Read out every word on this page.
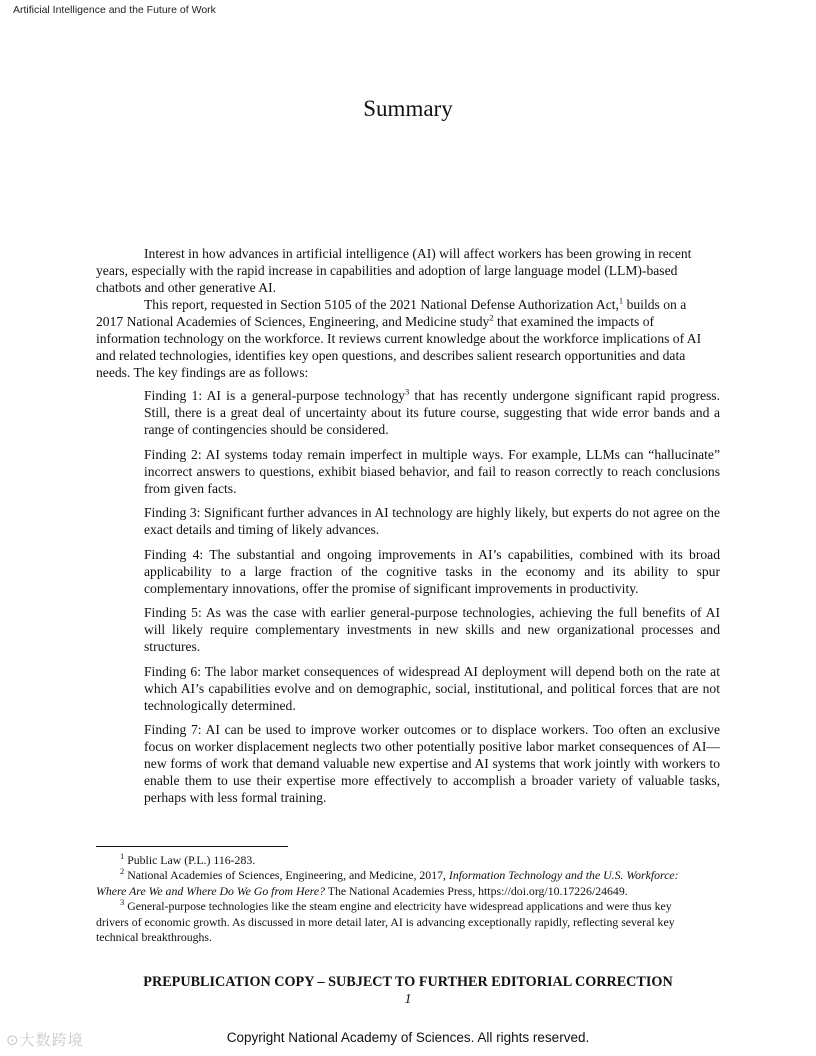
Artificial Intelligence and the Future of Work
Summary

Interest in how advances in artificial intelligence (AI) will affect workers has been growing in recent years, especially with the rapid increase in capabilities and adoption of large language model (LLM)-based chatbots and other generative AI.

This report, requested in Section 5105 of the 2021 National Defense Authorization Act,$^1$ builds on a 2017 National Academies of Sciences, Engineering, and Medicine study$^2$ that examined the impacts of information technology on the workforce. It reviews current knowledge about the workforce implications of AI and related technologies, identifies key open questions, and describes salient research opportunities and data needs. The key findings are as follows:

Finding 1: AI is a general-purpose technology$^3$ that has recently undergone significant rapid progress. Still, there is a great deal of uncertainty about its future course, suggesting that wide error bands and a range of contingencies should be considered.

Finding 2: AI systems today remain imperfect in multiple ways. For example, LLMs can “hallucinate” incorrect answers to questions, exhibit biased behavior, and fail to reason correctly to reach conclusions from given facts.

Finding 3: Significant further advances in AI technology are highly likely, but experts do not agree on the exact details and timing of likely advances.

Finding 4: The substantial and ongoing improvements in AI’s capabilities, combined with its broad applicability to a large fraction of the cognitive tasks in the economy and its ability to spur complementary innovations, offer the promise of significant improvements in productivity.

Finding 5: As was the case with earlier general-purpose technologies, achieving the full benefits of AI will likely require complementary investments in new skills and new organizational processes and structures.

Finding 6: The labor market consequences of widespread AI deployment will depend both on the rate at which AI’s capabilities evolve and on demographic, social, institutional, and political forces that are not technologically determined.

Finding 7: AI can be used to improve worker outcomes or to displace workers. Too often an exclusive focus on worker displacement neglects two other potentially positive labor market consequences of AI—new forms of work that demand valuable new expertise and AI systems that work jointly with workers to enable them to use their expertise more effectively to accomplish a broader variety of valuable tasks, perhaps with less formal training.

$^1$ Public Law (P.L.) 116-283.

$^2$ National Academies of Sciences, Engineering, and Medicine, 2017, Information Technology and the U.S. Workforce: Where Are We and Where Do We Go from Here? The National Academies Press, https://doi.org/10.17226/24649.

$^3$ General-purpose technologies like the steam engine and electricity have widespread applications and were thus key drivers of economic growth. As discussed in more detail later, AI is advancing exceptionally rapidly, reflecting several key technical breakthroughs.

PREPUBLICATION COPY – SUBJECT TO FURTHER EDITORIAL CORRECTION
1
⊙大数跨境	Copyright National Academy of Sciences. All rights reserved.
